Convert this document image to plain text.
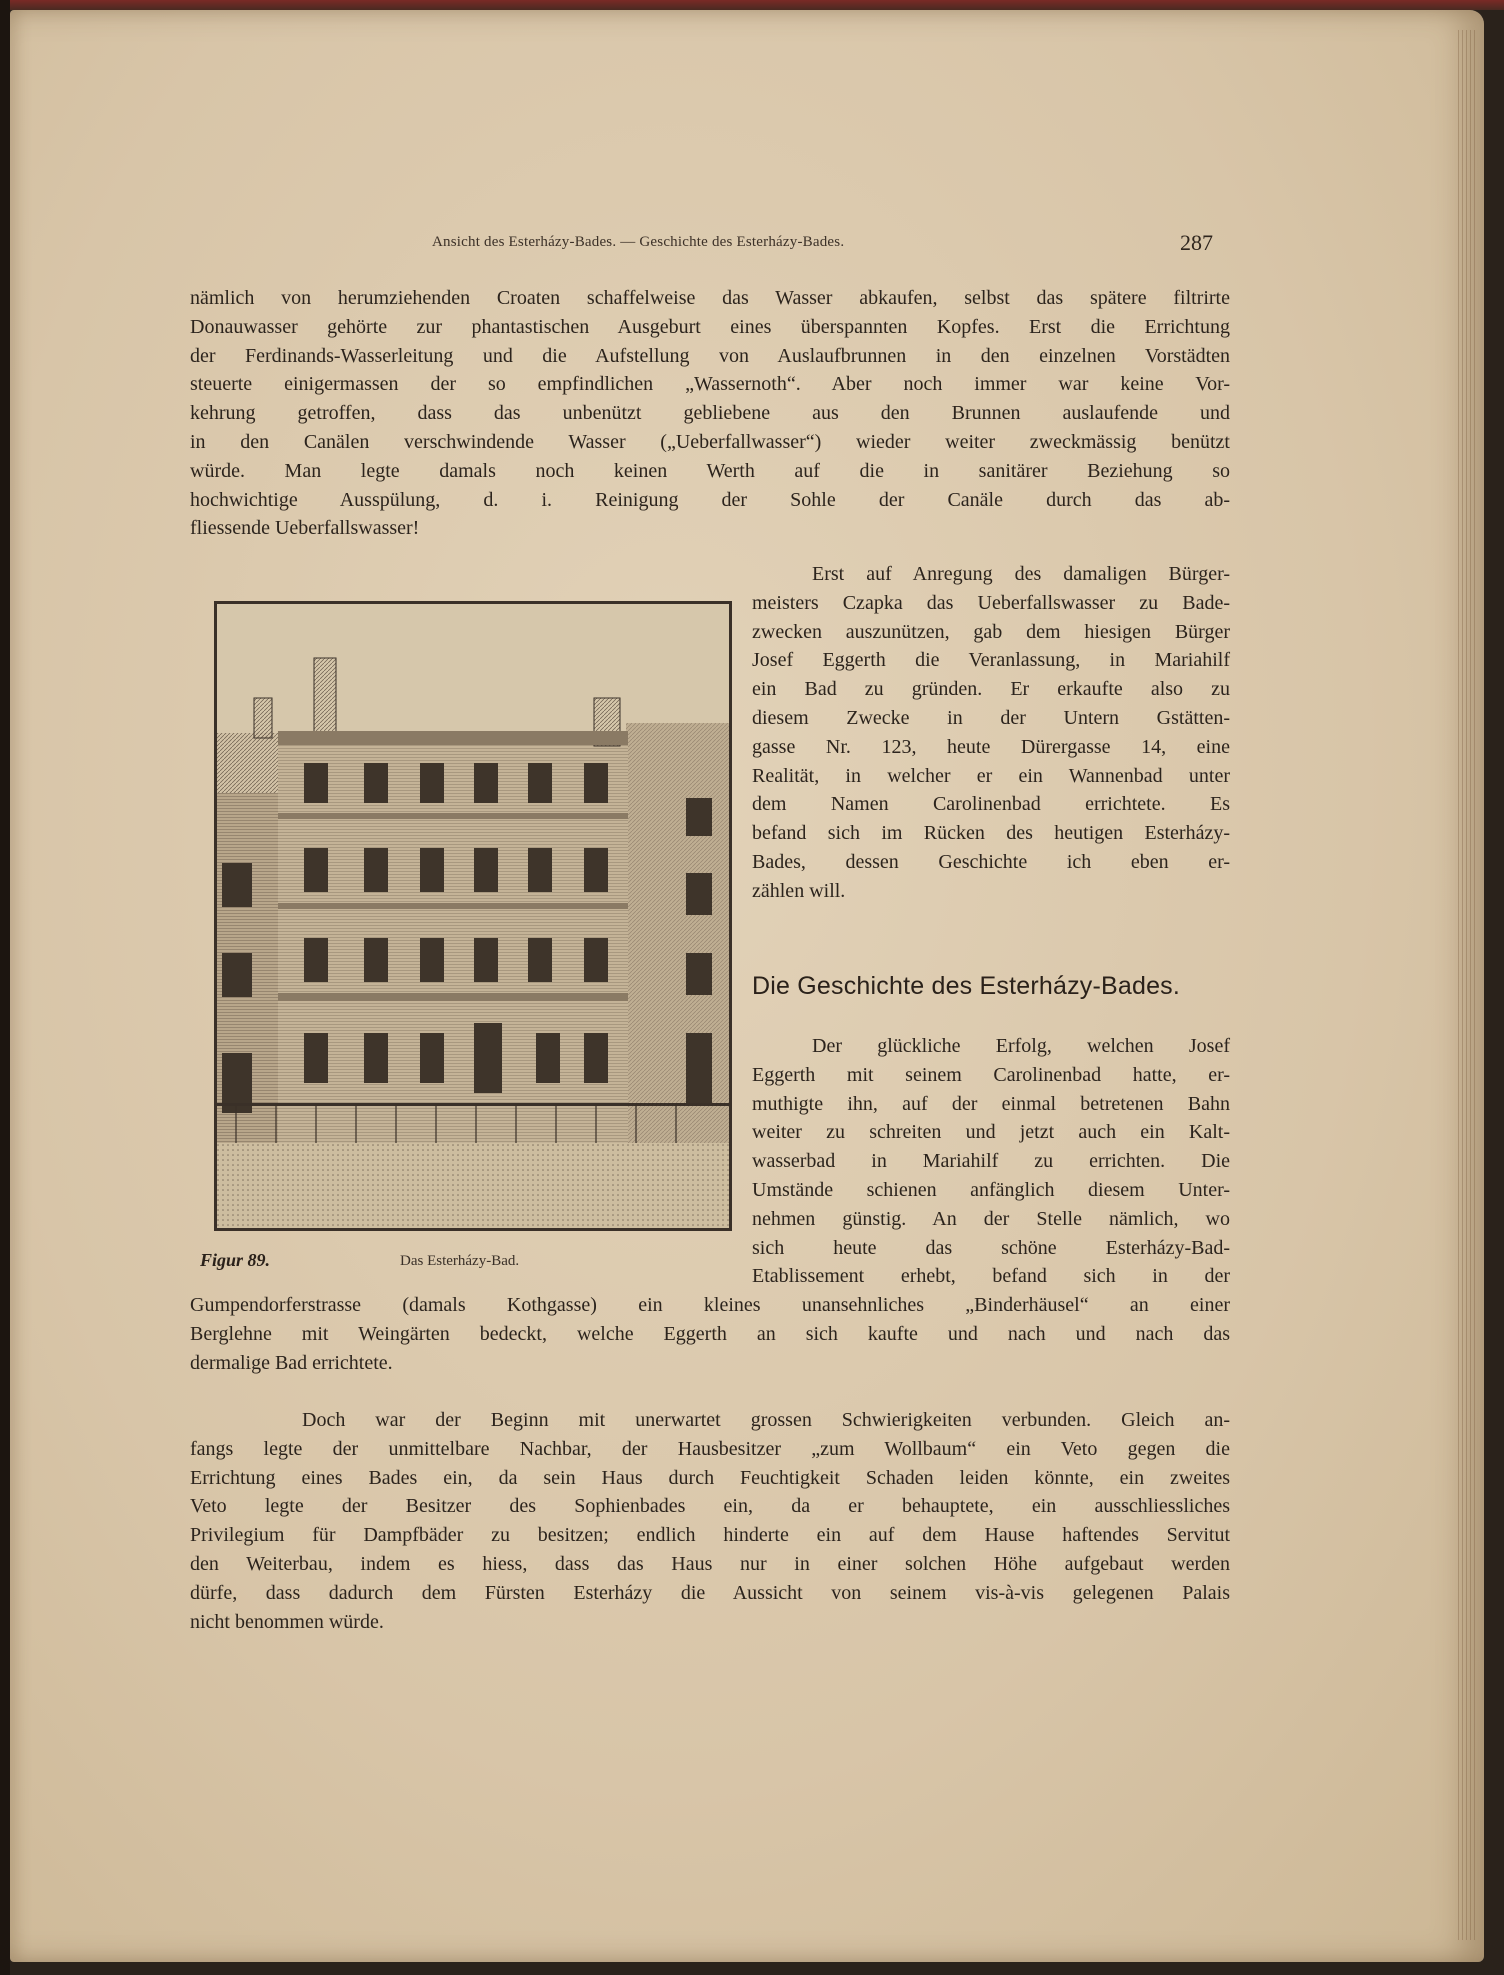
Ansicht des Esterházy-Bades. — Geschichte des Esterházy-Bades.	287
nämlich von herumziehenden Croaten schaffelweise das Wasser abkaufen, selbst das spätere filtrirte
Donauwasser gehörte zur phantastischen Ausgeburt eines überspannten Kopfes. Erst die Errichtung
der Ferdinands-Wasserleitung und die Aufstellung von Auslaufbrunnen in den einzelnen Vorstädten
steuerte einigermassen der so empfindlichen „Wassernoth“. Aber noch immer war keine Vor-
kehrung getroffen, dass das unbenützt gebliebene aus den Brunnen auslaufende und
in den Canälen verschwindende Wasser („Ueberfallwasser“) wieder weiter zweckmässig benützt
würde. Man legte damals noch keinen Werth auf die in sanitärer Beziehung so
hochwichtige Ausspülung, d. i. Reinigung der Sohle der Canäle durch das ab-
fliessende Ueberfallswasser!
Figur 89.	Das Esterházy-Bad.
Erst auf Anregung des damaligen Bürger-
meisters Czapka das Ueberfallswasser zu Bade-
zwecken auszunützen, gab dem hiesigen Bürger
Josef Eggerth die Veranlassung, in Mariahilf
ein Bad zu gründen. Er erkaufte also zu
diesem Zwecke in der Untern Gstätten-
gasse Nr. 123, heute Dürergasse 14, eine
Realität, in welcher er ein Wannenbad unter
dem Namen Carolinenbad errichtete. Es
befand sich im Rücken des heutigen Esterházy-
Bades, dessen Geschichte ich eben er-
zählen will.
Die Geschichte des Esterházy-Bades.
Der glückliche Erfolg, welchen Josef
Eggerth mit seinem Carolinenbad hatte, er-
muthigte ihn, auf der einmal betretenen Bahn
weiter zu schreiten und jetzt auch ein Kalt-
wasserbad in Mariahilf zu errichten. Die
Umstände schienen anfänglich diesem Unter-
nehmen günstig. An der Stelle nämlich, wo
sich heute das schöne Esterházy-Bad-
Etablissement erhebt, befand sich in der
Gumpendorferstrasse (damals Kothgasse) ein kleines unansehnliches „Binderhäusel“ an einer
Berglehne mit Weingärten bedeckt, welche Eggerth an sich kaufte und nach und nach das
dermalige Bad errichtete.
Doch war der Beginn mit unerwartet grossen Schwierigkeiten verbunden. Gleich an-
fangs legte der unmittelbare Nachbar, der Hausbesitzer „zum Wollbaum“ ein Veto gegen die
Errichtung eines Bades ein, da sein Haus durch Feuchtigkeit Schaden leiden könnte, ein zweites
Veto legte der Besitzer des Sophienbades ein, da er behauptete, ein ausschliessliches
Privilegium für Dampfbäder zu besitzen; endlich hinderte ein auf dem Hause haftendes Servitut
den Weiterbau, indem es hiess, dass das Haus nur in einer solchen Höhe aufgebaut werden
dürfe, dass dadurch dem Fürsten Esterházy die Aussicht von seinem vis-à-vis gelegenen Palais
nicht benommen würde.
